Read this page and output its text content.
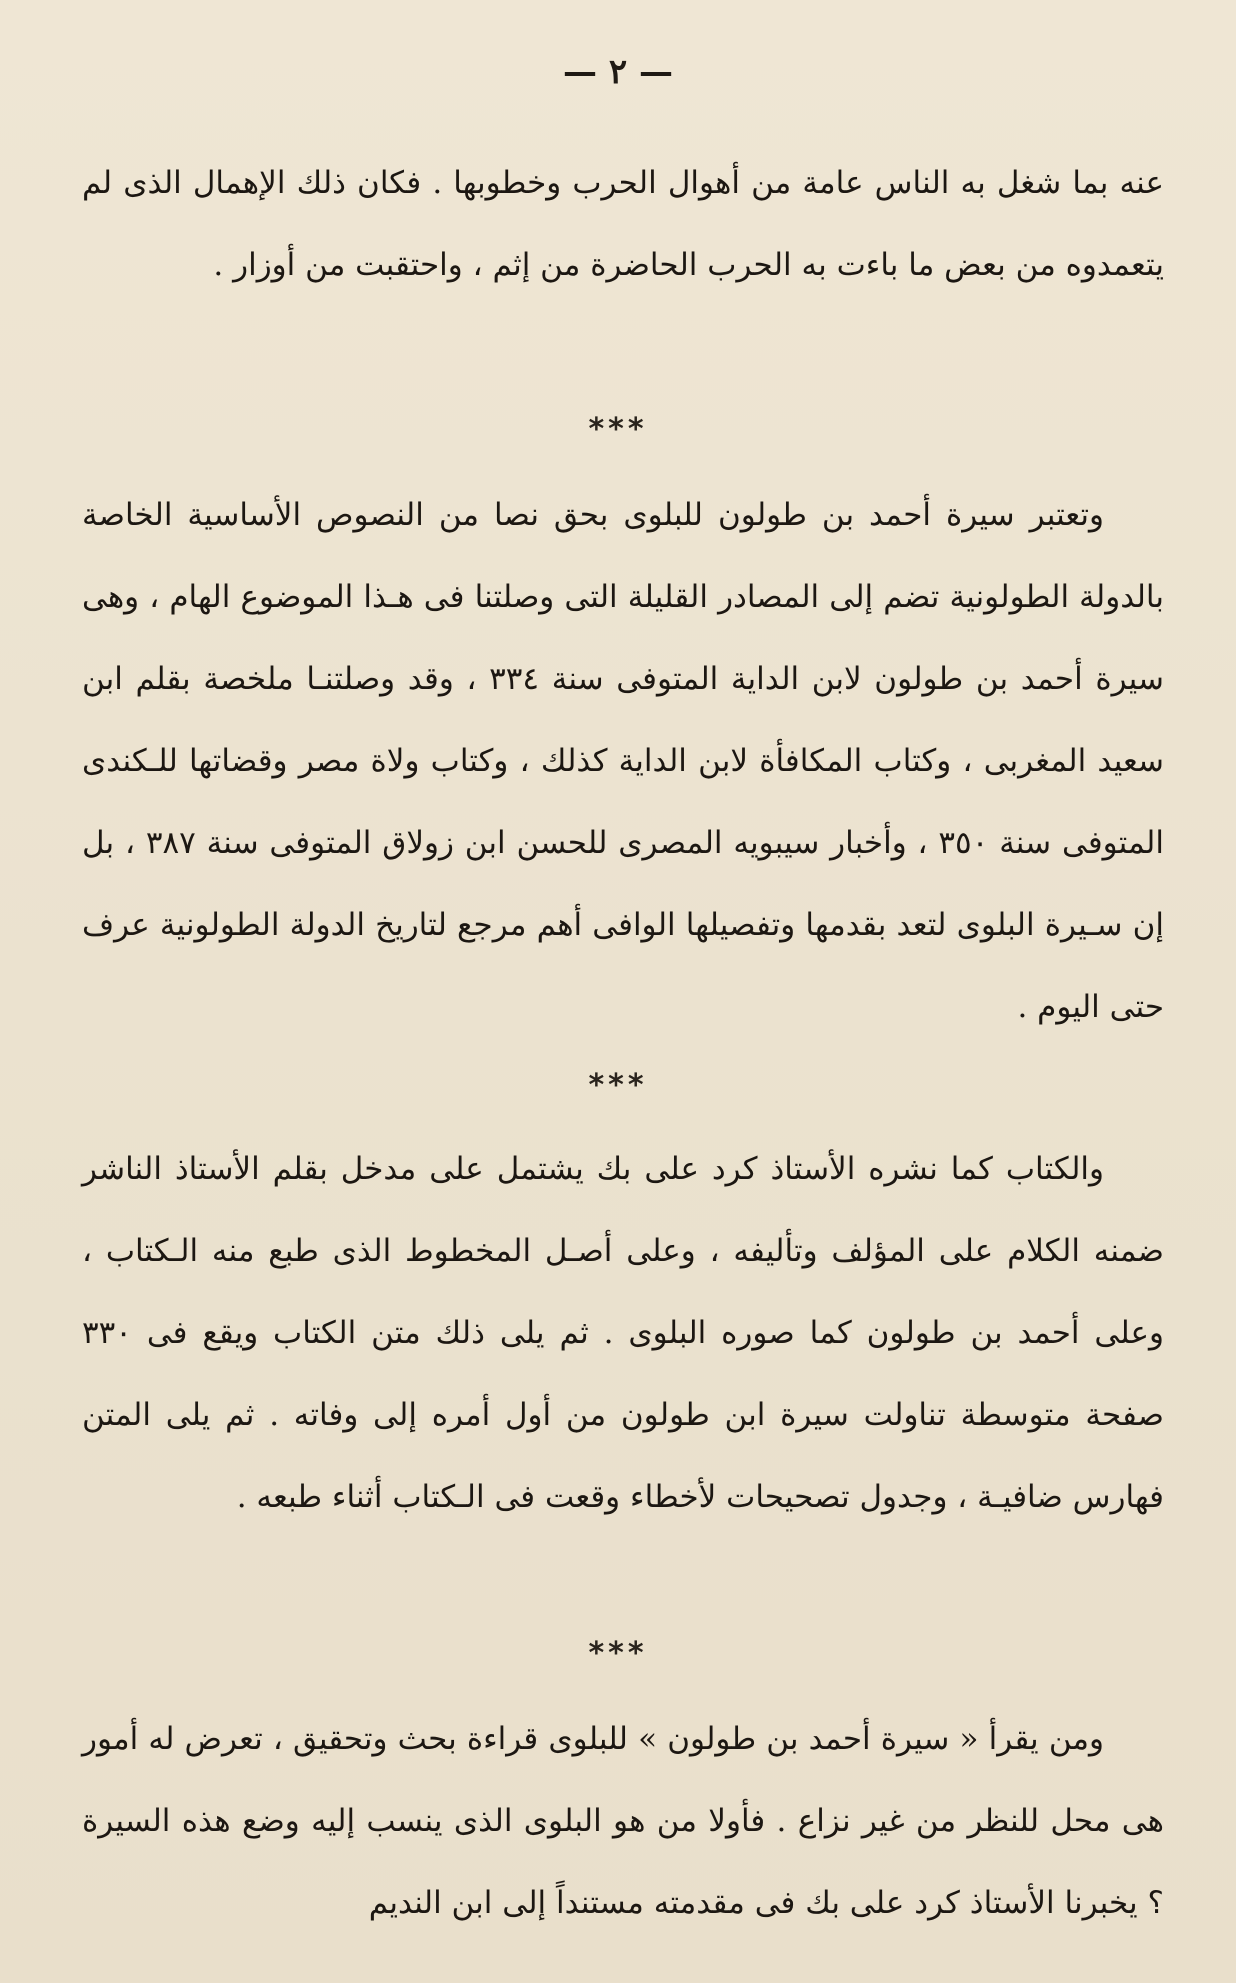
— ٢ —
عنه بما شغل به الناس عامة من أهوال الحرب وخطوبها . فكان ذلك الإهمال الذى لم يتعمدوه من بعض ما باءت به الحرب الحاضرة من إثم ، واحتقبت من أوزار .
***
وتعتبر سيرة أحمد بن طولون للبلوى بحق نصا من النصوص الأساسية الخاصة بالدولة الطولونية تضم إلى المصادر القليلة التى وصلتنا فى هـذا الموضوع الهام ، وهى سيرة أحمد بن طولون لابن الداية المتوفى سنة ٣٣٤ ، وقد وصلتنـا ملخصة بقلم ابن سعيد المغربى ، وكتاب المكافأة لابن الداية كذلك ، وكتاب ولاة مصر وقضاتها للـكندى المتوفى سنة ٣٥٠ ، وأخبار سيبويه المصرى للحسن ابن زولاق المتوفى سنة ٣٨٧ ، بل إن سـيرة البلوى لتعد بقدمها وتفصيلها الوافى أهم مرجع لتاريخ الدولة الطولونية عرف حتى اليوم .
***
والكتاب كما نشره الأستاذ كرد على بك يشتمل على مدخل بقلم الأستاذ الناشر ضمنه الكلام على المؤلف وتأليفه ، وعلى أصـل المخطوط الذى طبع منه الـكتاب ، وعلى أحمد بن طولون كما صوره البلوى . ثم يلى ذلك متن الكتاب ويقع فى ٣٣٠ صفحة متوسطة تناولت سيرة ابن طولون من أول أمره إلى وفاته . ثم يلى المتن فهارس ضافيـة ، وجدول تصحيحات لأخطاء وقعت فى الـكتاب أثناء طبعه .
***
ومن يقرأ « سيرة أحمد بن طولون » للبلوى قراءة بحث وتحقيق ، تعرض له أمور هى محل للنظر من غير نزاع . فأولا من هو البلوى الذى ينسب إليه وضع هذه السيرة ؟ يخبرنا الأستاذ كرد على بك فى مقدمته مستنداً إلى ابن النديم
